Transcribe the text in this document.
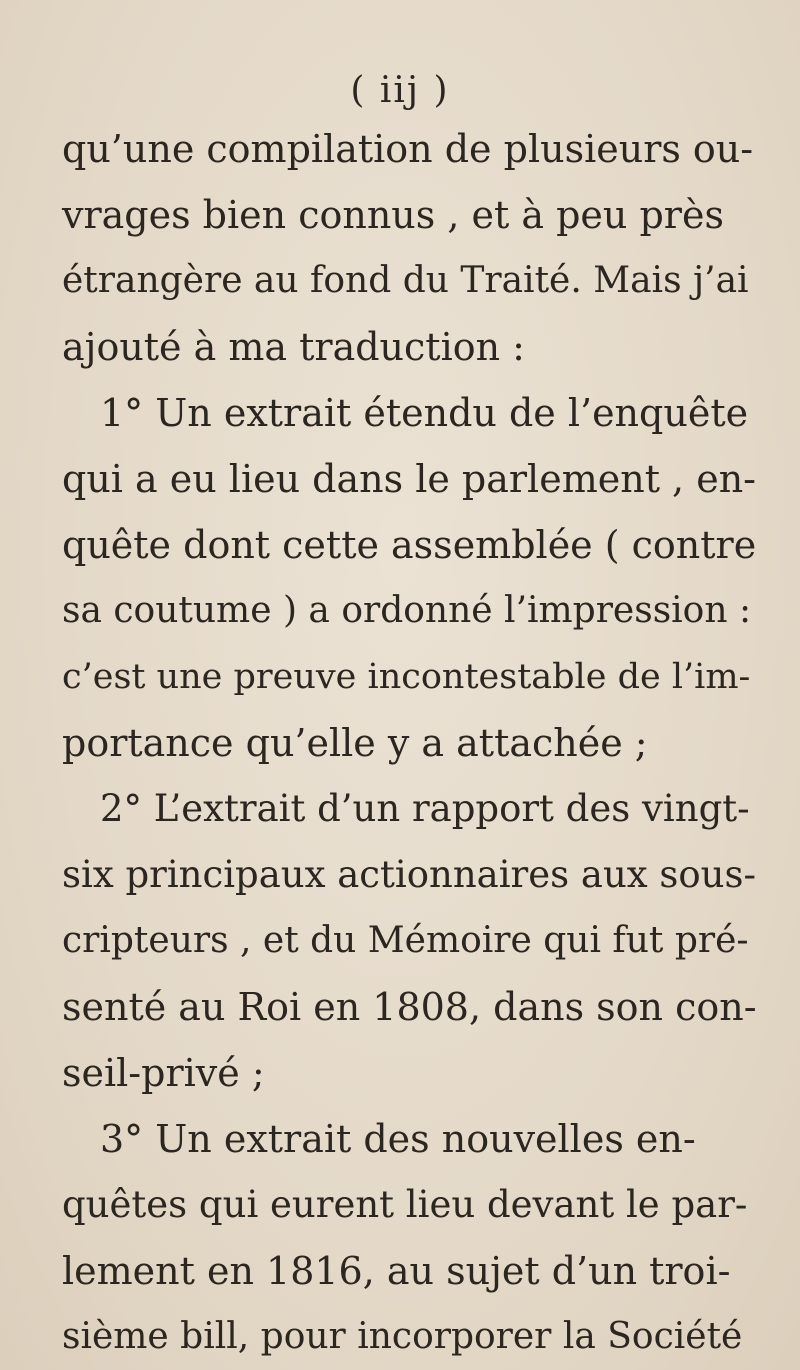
( iij )
qu’une compilation de plusieurs ou-
vrages bien connus , et à peu près
étrangère au fond du Traité. Mais j’ai
ajouté à ma traduction :
1° Un extrait étendu de l’enquête
qui a eu lieu dans le parlement , en-
quête dont cette assemblée ( contre
sa coutume ) a ordonné l’impression :
c’est une preuve incontestable de l’im-
portance qu’elle y a attachée ;
2° L’extrait d’un rapport des vingt-
six principaux actionnaires aux sous-
cripteurs , et du Mémoire qui fut pré-
senté au Roi en 1808, dans son con-
seil-privé ;
3° Un extrait des nouvelles en-
quêtes qui eurent lieu devant le par-
lement en 1816, au sujet d’un troi-
sième bill, pour incorporer la Société
